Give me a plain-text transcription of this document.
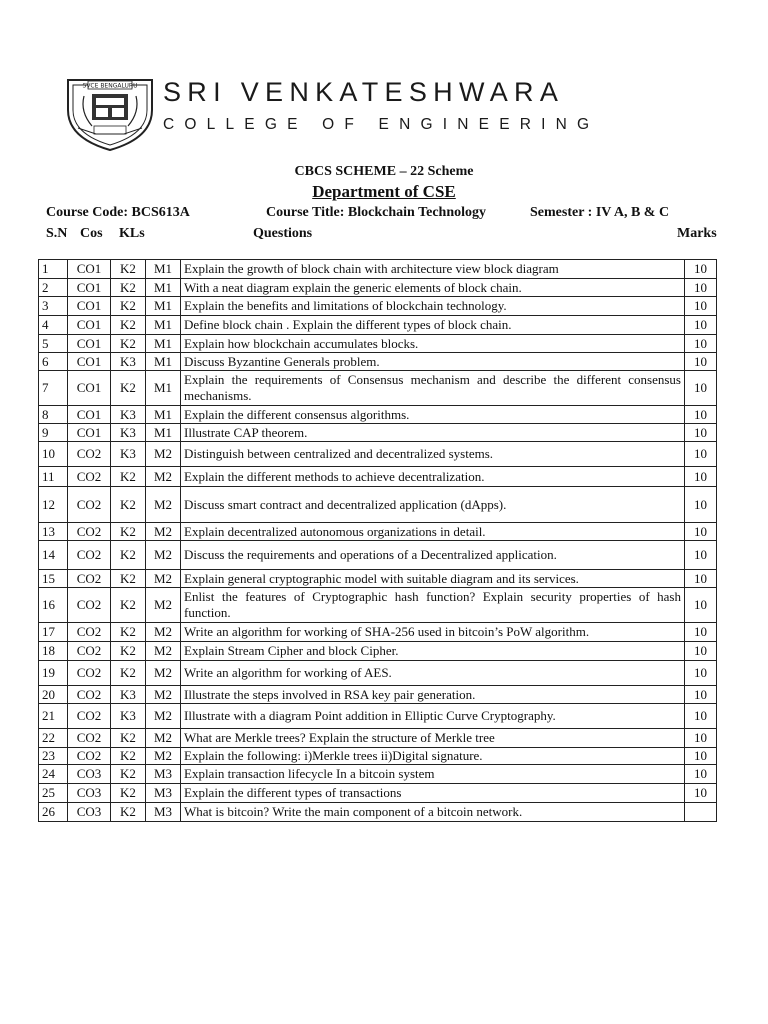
SVCE BENGALURU SRI VENKATESHWARA
COLLEGE OF ENGINEERING
CBCS SCHEME – 22 Scheme
Department of CSE
Course Code: BCS613A	Course Title: Blockchain Technology	Semester : IV A, B & C
S.N Cos KLs	Questions	Marks
1	CO1	K2	M1	Explain the growth of block chain with architecture view block diagram	10
2	CO1	K2	M1	With a neat diagram explain the generic elements of block chain.	10
3	CO1	K2	M1	Explain the benefits and limitations of blockchain technology.	10
4	CO1	K2	M1	Define block chain . Explain the different types of block chain.	10
5	CO1	K2	M1	Explain how blockchain accumulates blocks.	10
6	CO1	K3	M1	Discuss Byzantine Generals problem.	10
7	CO1	K2	M1	Explain the requirements of Consensus mechanism and describe the different consensus mechanisms.	10
8	CO1	K3	M1	Explain the different consensus algorithms.	10
9	CO1	K3	M1	Illustrate CAP theorem.	10
10	CO2	K3	M2	Distinguish between centralized and decentralized systems.	10
11	CO2	K2	M2	Explain the different methods to achieve decentralization.	10
12	CO2	K2	M2	Discuss smart contract and decentralized application (dApps).	10
13	CO2	K2	M2	Explain decentralized autonomous organizations in detail.	10
14	CO2	K2	M2	Discuss the requirements and operations of a Decentralized application.	10
15	CO2	K2	M2	Explain general cryptographic model with suitable diagram and its services.	10
16	CO2	K2	M2	Enlist the features of Cryptographic hash function? Explain security properties of hash function.	10
17	CO2	K2	M2	Write an algorithm for working of SHA-256 used in bitcoin’s PoW algorithm.	10
18	CO2	K2	M2	Explain Stream Cipher and block Cipher.	10
19	CO2	K2	M2	Write an algorithm for working of AES.	10
20	CO2	K3	M2	Illustrate the steps involved in RSA key pair generation.	10
21	CO2	K3	M2	Illustrate with a diagram Point addition in Elliptic Curve Cryptography.	10
22	CO2	K2	M2	What are Merkle trees? Explain the structure of Merkle tree	10
23	CO2	K2	M2	Explain the following: i)Merkle trees ii)Digital signature.	10
24	CO3	K2	M3	Explain transaction lifecycle In a bitcoin system	10
25	CO3	K2	M3	Explain the different types of transactions	10
26	CO3	K2	M3	What is bitcoin? Write the main component of a bitcoin network.	
